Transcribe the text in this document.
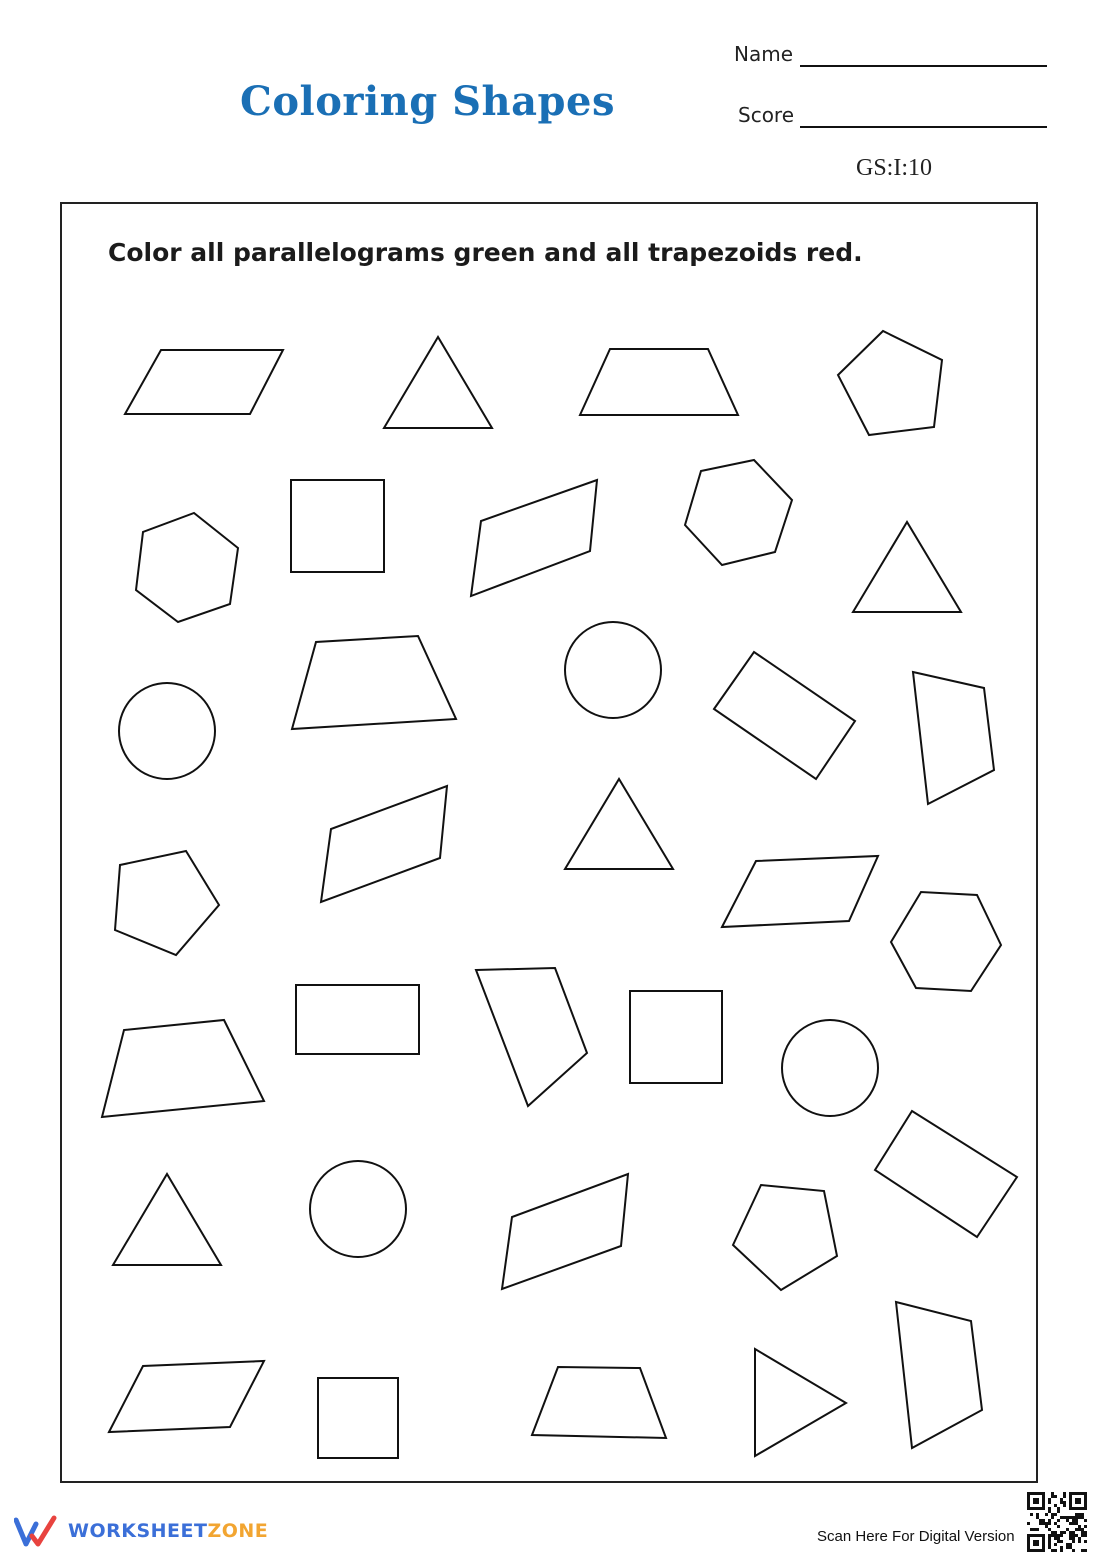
Coloring Shapes
Name
Score
GS:I:10
Color all parallelograms green and all trapezoids red.
WORKSHEETZONE	Scan Here For Digital Version
